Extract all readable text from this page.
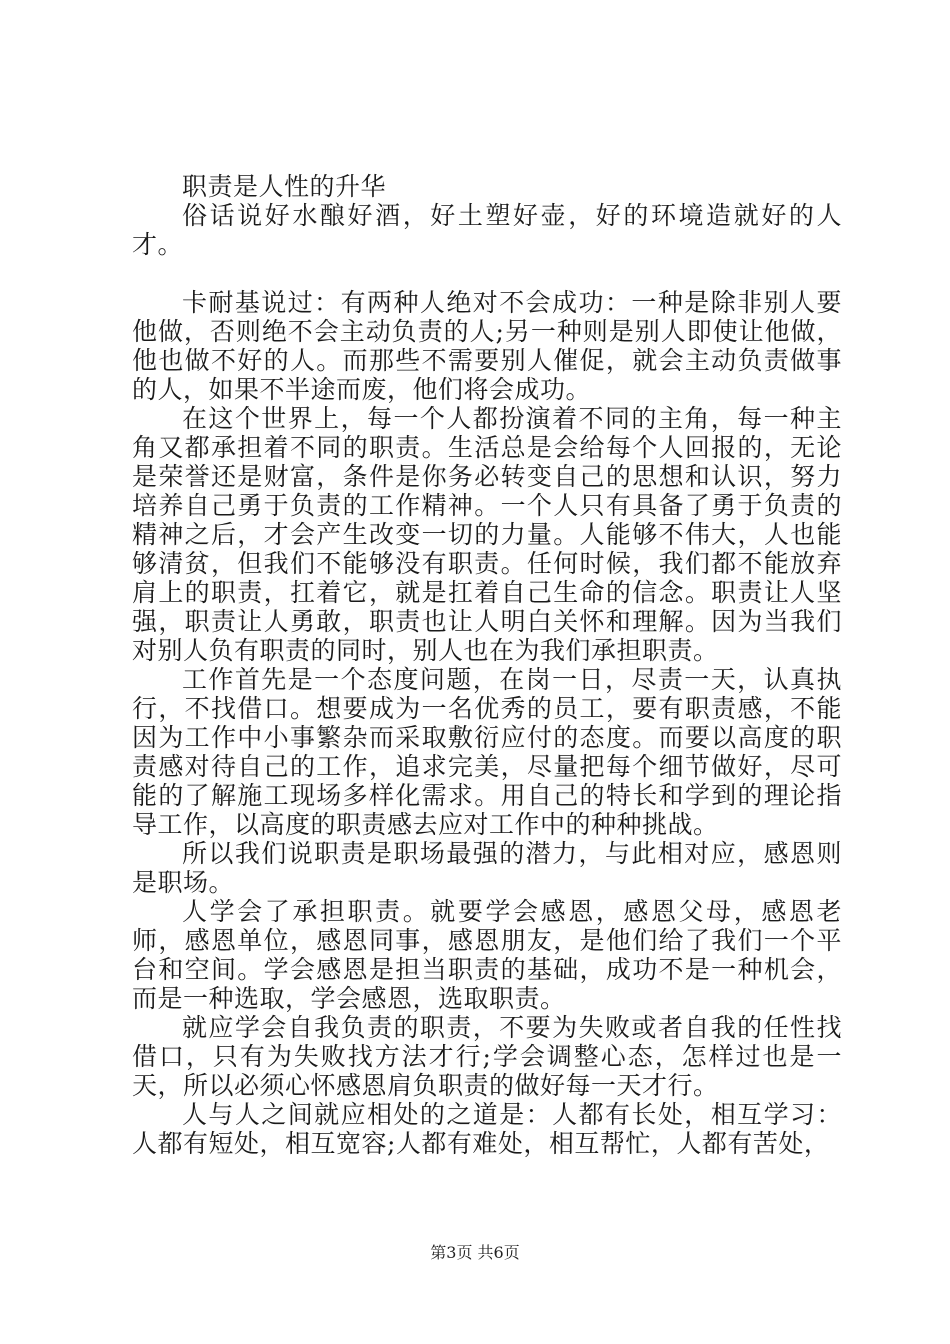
职责是人性的升华

俗话说好水酿好酒，好土塑好壶，好的环境造就好的人才。

卡耐基说过：有两种人绝对不会成功：一种是除非别人要他做，否则绝不会主动负责的人;另一种则是别人即使让他做，他也做不好的人。而那些不需要别人催促，就会主动负责做事的人，如果不半途而废，他们将会成功。

在这个世界上，每一个人都扮演着不同的主角，每一种主角又都承担着不同的职责。生活总是会给每个人回报的，无论是荣誉还是财富，条件是你务必转变自己的思想和认识，努力培养自己勇于负责的工作精神。一个人只有具备了勇于负责的精神之后，才会产生改变一切的力量。人能够不伟大，人也能够清贫，但我们不能够没有职责。任何时候，我们都不能放弃肩上的职责，扛着它，就是扛着自己生命的信念。职责让人坚强，职责让人勇敢，职责也让人明白关怀和理解。因为当我们对别人负有职责的同时，别人也在为我们承担职责。

工作首先是一个态度问题，在岗一日，尽责一天，认真执行，不找借口。想要成为一名优秀的员工，要有职责感，不能因为工作中小事繁杂而采取敷衍应付的态度。而要以高度的职责感对待自己的工作，追求完美，尽量把每个细节做好，尽可能的了解施工现场多样化需求。用自己的特长和学到的理论指导工作，以高度的职责感去应对工作中的种种挑战。

所以我们说职责是职场最强的潜力，与此相对应，感恩则是职场。

人学会了承担职责。就要学会感恩，感恩父母，感恩老师，感恩单位，感恩同事，感恩朋友，是他们给了我们一个平台和空间。学会感恩是担当职责的基础，成功不是一种机会，而是一种选取，学会感恩，选取职责。

就应学会自我负责的职责，不要为失败或者自我的任性找借口，只有为失败找方法才行;学会调整心态，怎样过也是一天，所以必须心怀感恩肩负职责的做好每一天才行。

人与人之间就应相处的之道是：人都有长处，相互学习：人都有短处，相互宽容;人都有难处，相互帮忙，人都有苦处，

第3页 共6页
